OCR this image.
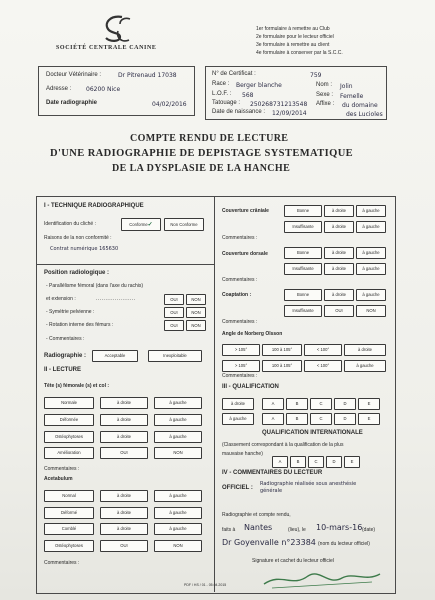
SOCIÉTÉ CENTRALE CANINE
1er formulaire à remettre au Club
2e formulaire pour le lecteur officiel
3e formulaire à remettre au client
4e formulaire à conserver par la S.C.C.
Docteur Vétérinaire :	Dr Pitrenaud 17038
Adresse : 06200 Nice
Date radiographie	04/02/2016
N° de Certificat :	759
Race : Berger blanche	Nom : Jolin
L.O.F. : 568	Sexe : Femelle
Tatouage : 250268731213548 Affixe : du domaine
Date de naissance : 12/09/2014	des Lucioles
COMPTE RENDU DE LECTURE
D'UNE RADIOGRAPHIE DE DEPISTAGE SYSTEMATIQUE
DE LA DYSPLASIE DE LA HANCHE
I - TECHNIQUE RADIOGRAPHIQUE
Identification du cliché :	Conforme✓	Non Conforme
Raisons de la non conformité :
Contrat numérique 165630
Position radiologique :
- Parallélisme fémoral (dans l'axe du rachis)
et extension :	.....................	OUI	NON
- Symétrie pelvienne :	OUI	NON
- Rotation interne des fémurs :	OUI	NON
- Commentaires :
Radiographie :	Acceptable	Inexploitable
II - LECTURE
Tête (s) fémorale (s) et col :
Normale	à droite	à gauche
Déformée	à droite	à gauche
Ostéophytoses	à droite	à gauche
Amélioration	OUI	NON
Commentaires :
Acetabulum
Normal	à droite	à gauche
Déformé	à droite	à gauche
Comblé	à droite	à gauche
Ostéophytoses	OUI	NON
Commentaires :
Couverture crâniale	Bonne	à droite	à gauche
Insuffisante	à droite	à gauche
Commentaires :
Couverture dorsale	Bonne	à droite	à gauche
Insuffisante	à droite	à gauche
Commentaires :
Coaptation :	Bonne	à droite	à gauche
Insuffisante	OUI	NON
Commentaires :
Angle de Norberg Olsson
> 105°	100 à 105°	< 100°	à droite
> 105°	100 à 105°	< 100°	à gauche
Commentaires :
III - QUALIFICATION
à droite	A	B	C	D	E
à gauche	A	B	C	D	E
QUALIFICATION INTERNATIONALE
(Classement correspondant à la qualification de la plus
mauvaise hanche)
A	B	C	D	E
IV - COMMENTAIRES DU LECTEUR
OFFICIEL :
Radiographie réalisée sous anesthésie
générale
Radiographie et compte rendu,
faits à Nantes	(lieu), le 10-mars-16 (date)
Dr Goyenvalle n°23384 (nom du lecteur officiel)
Signature et cachet du lecteur officiel
PDF / HS / 01 - 05.04.2015
